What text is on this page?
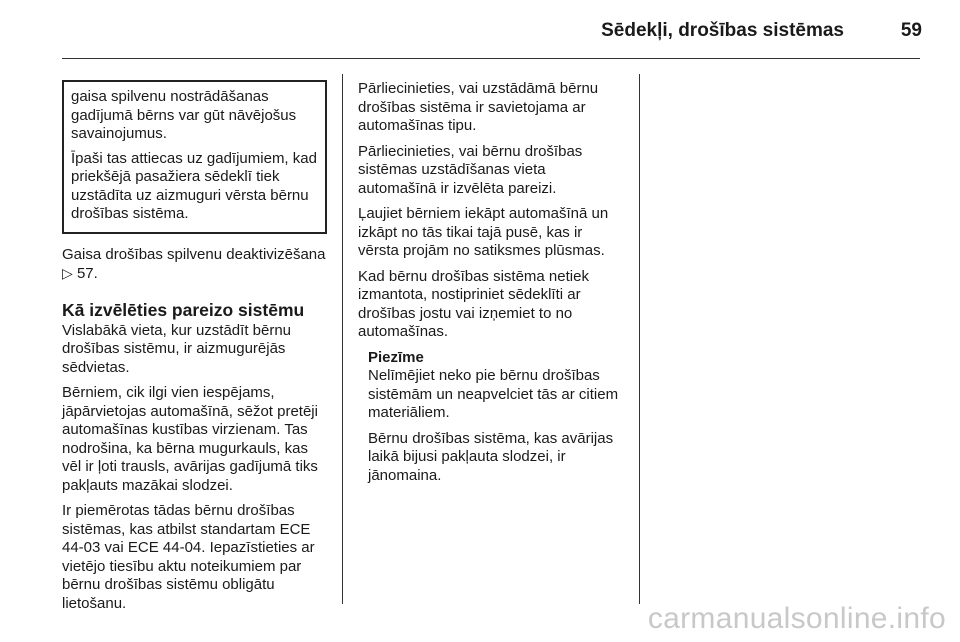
Sēdekļi, drošības sistēmas	59

gaisa spilvenu nostrādāšanas gadījumā bērns var gūt nāvējošus savainojumus.

Īpaši tas attiecas uz gadījumiem, kad priekšējā pasažiera sēdeklī tiek uzstādīta uz aizmuguri vērsta bērnu drošības sistēma.

Gaisa drošības spilvenu deaktivizēšana ▷ 57.

Kā izvēlēties pareizo sistēmu

Vislabākā vieta, kur uzstādīt bērnu drošības sistēmu, ir aizmugurējās sēdvietas.

Bērniem, cik ilgi vien iespējams, jāpārvietojas automašīnā, sēžot pretēji automašīnas kustības virzienam. Tas nodrošina, ka bērna mugurkauls, kas vēl ir ļoti trausls, avārijas gadījumā tiks pakļauts mazākai slodzei.

Ir piemērotas tādas bērnu drošības sistēmas, kas atbilst standartam ECE 44-03 vai ECE 44-04. Iepazīstieties ar vietējo tiesību aktu noteikumiem par bērnu drošības sistēmu obligātu lietošanu.

Pārliecinieties, vai uzstādāmā bērnu drošības sistēma ir savietojama ar automašīnas tipu.

Pārliecinieties, vai bērnu drošības sistēmas uzstādīšanas vieta automašīnā ir izvēlēta pareizi.

Ļaujiet bērniem iekāpt automašīnā un izkāpt no tās tikai tajā pusē, kas ir vērsta projām no satiksmes plūsmas.

Kad bērnu drošības sistēma netiek izmantota, nostipriniet sēdeklīti ar drošības jostu vai izņemiet to no automašīnas.

Piezīme

Nelīmējiet neko pie bērnu drošības sistēmām un neapvelciet tās ar citiem materiāliem.

Bērnu drošības sistēma, kas avārijas laikā bijusi pakļauta slodzei, ir jānomaina.

carmanualsonline.info
